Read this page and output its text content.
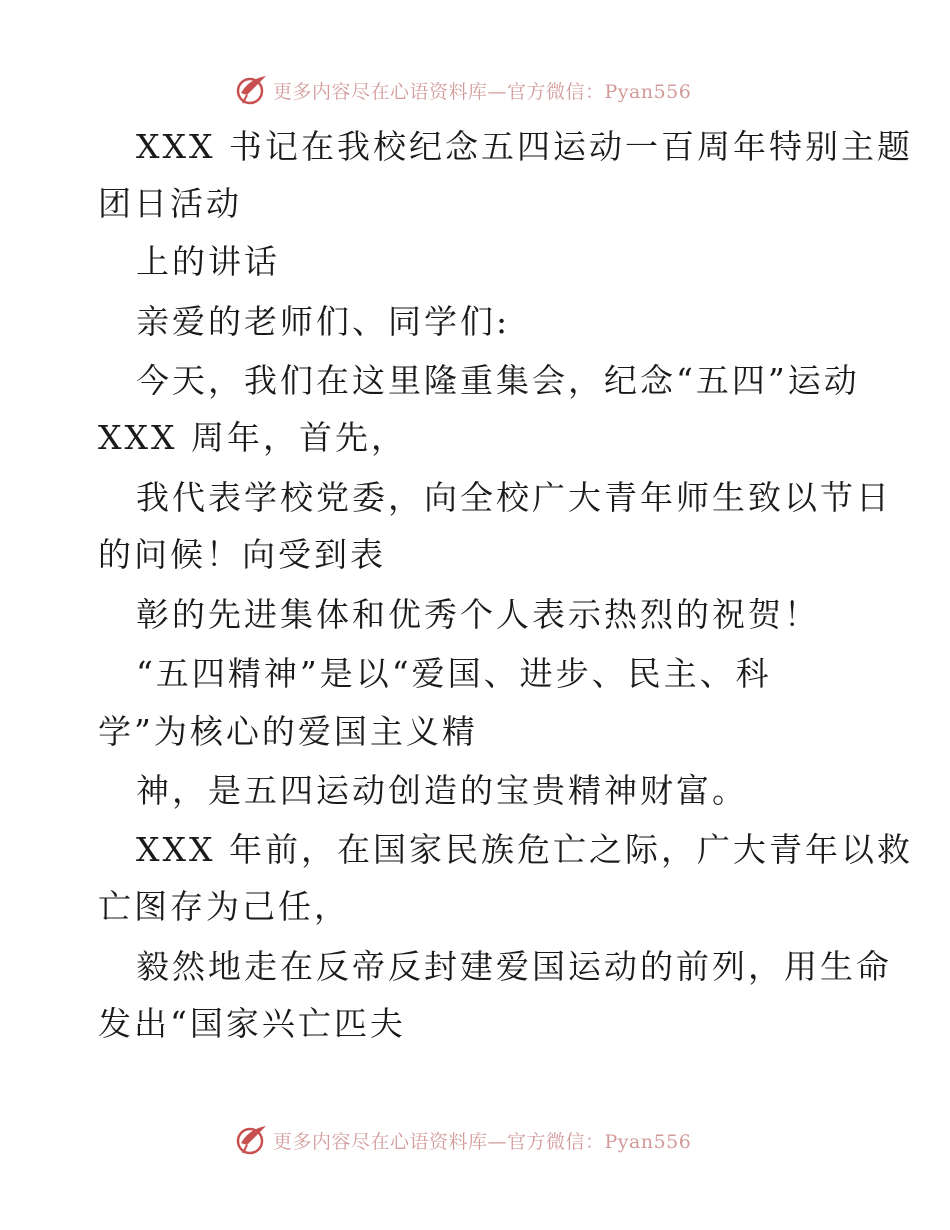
更多内容尽在心语资料库—官方微信：Pyan556
XXX 书记在我校纪念五四运动一百周年特别主题
团日活动
上的讲话
亲爱的老师们、同学们:
今天，我们在这里隆重集会，纪念“五四”运动
XXX 周年，首先，
我代表学校党委，向全校广大青年师生致以节日
的问候！向受到表
彰的先进集体和优秀个人表示热烈的祝贺！
“五四精神”是以“爱国、进步、民主、科
学”为核心的爱国主义精
神，是五四运动创造的宝贵精神财富。
XXX 年前，在国家民族危亡之际，广大青年以救
亡图存为己任，
毅然地走在反帝反封建爱国运动的前列，用生命
发出“国家兴亡匹夫
更多内容尽在心语资料库—官方微信：Pyan556
